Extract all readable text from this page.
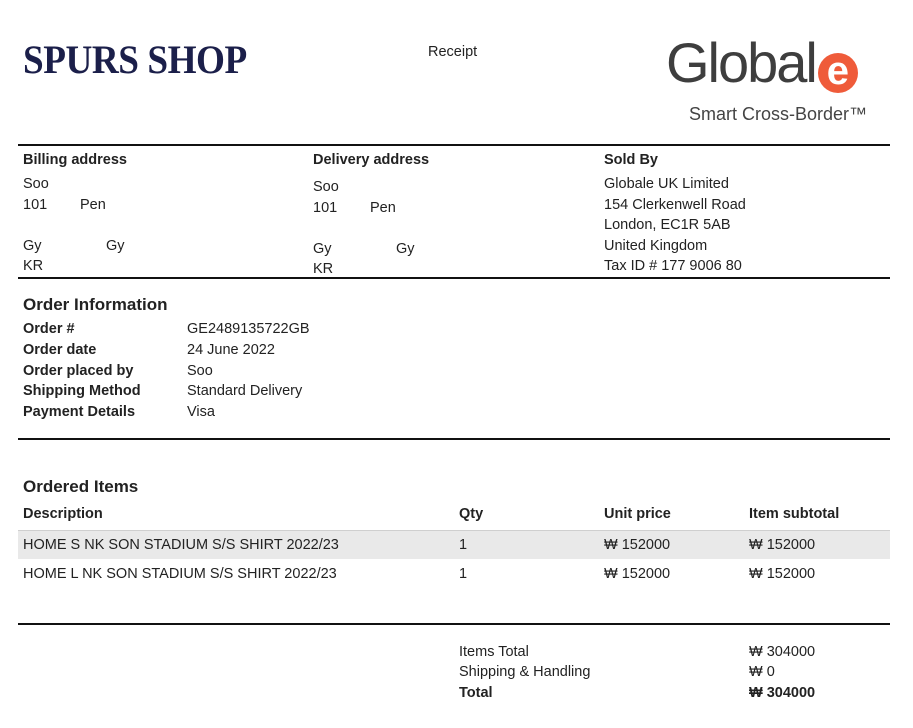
SPURS SHOP	Receipt	Global e
Smart Cross-Border™
Billing address
Soo
101 Pen
Gy	Gy
KR
Delivery address
Soo
101 Pen
Gy	Gy
KR
Sold By
Globale UK Limited
154 Clerkenwell Road
London, EC1R 5AB
United Kingdom
Tax ID # 177 9006 80
Order Information
Order #	GE2489135722GB
Order date	24 June 2022
Order placed by	Soo
Shipping Method	Standard Delivery
Payment Details	Visa
Ordered Items
Description	Qty	Unit price	Item subtotal
HOME S NK SON STADIUM S/S SHIRT 2022/23	1	₩ 152000	₩ 152000
HOME L NK SON STADIUM S/S SHIRT 2022/23	1	₩ 152000	₩ 152000
Items Total	₩ 304000
Shipping & Handling	₩ 0
Total	₩ 304000
